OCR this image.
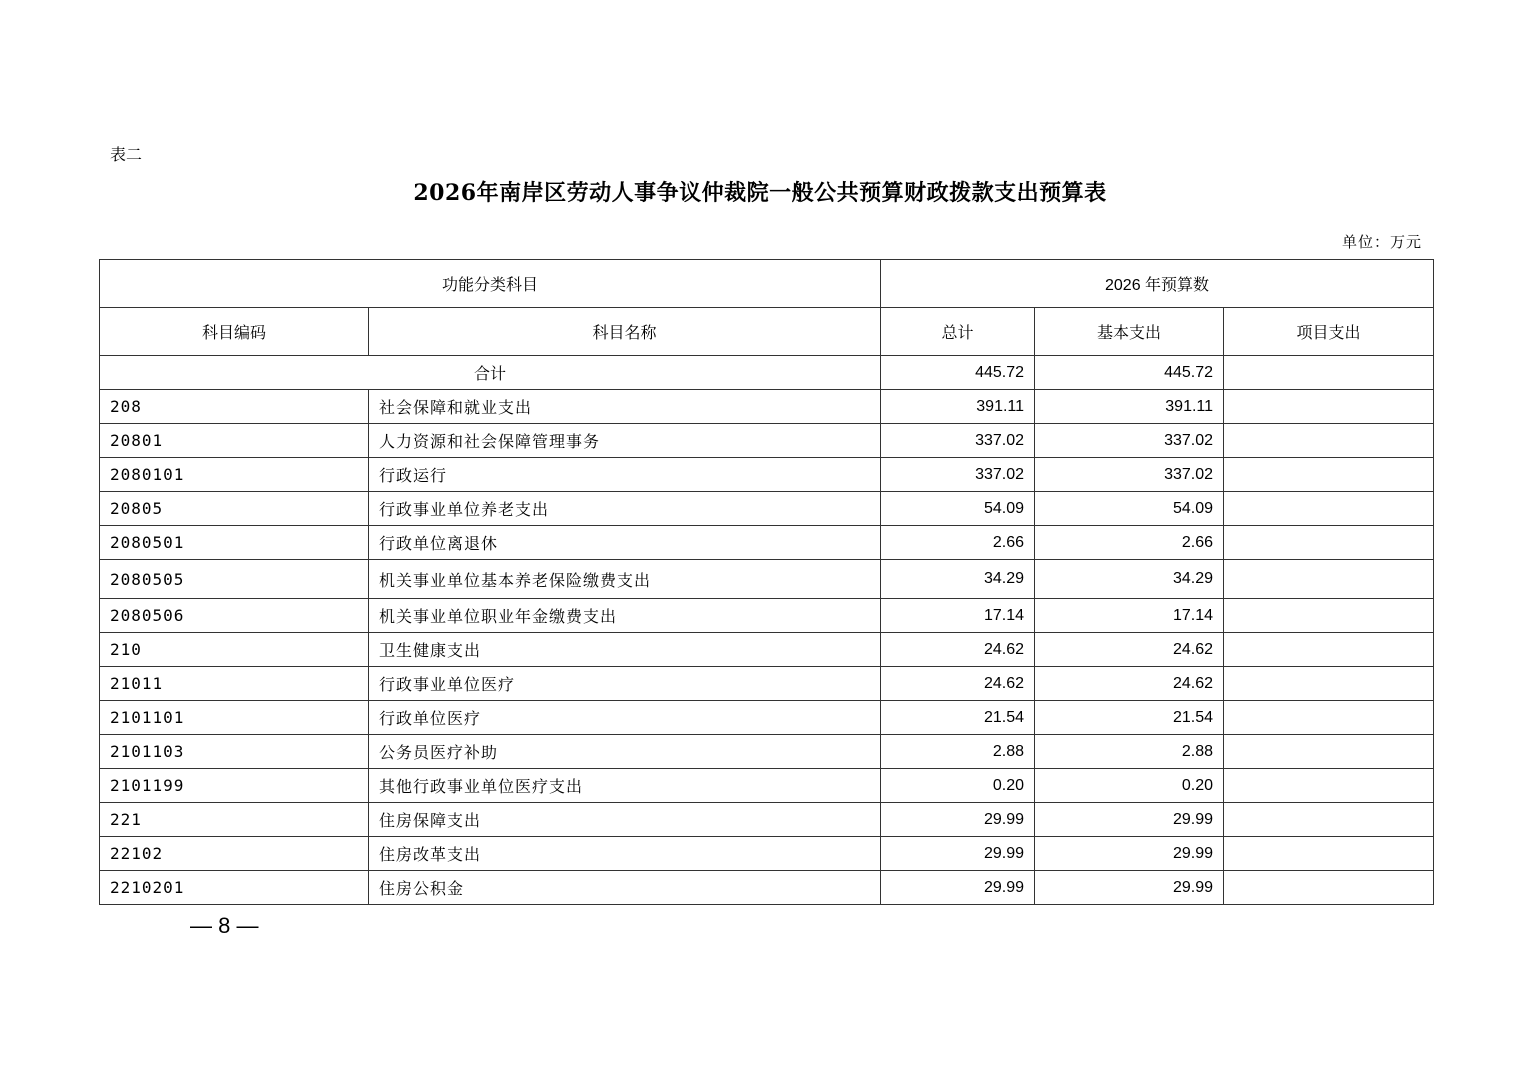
表二
2026年南岸区劳动人事争议仲裁院一般公共预算财政拨款支出预算表
单位：万元
功能分类科目		2026 年预算数		
科目编码	科目名称	总计	基本支出	项目支出
合计		445.72	445.72	
208	社会保障和就业支出	391.11	391.11	
20801	人力资源和社会保障管理事务	337.02	337.02	
2080101	行政运行	337.02	337.02	
20805	行政事业单位养老支出	54.09	54.09	
2080501	行政单位离退休	2.66	2.66	
2080505	机关事业单位基本养老保险缴费支出	34.29	34.29	
2080506	机关事业单位职业年金缴费支出	17.14	17.14	
210	卫生健康支出	24.62	24.62	
21011	行政事业单位医疗	24.62	24.62	
2101101	行政单位医疗	21.54	21.54	
2101103	公务员医疗补助	2.88	2.88	
2101199	其他行政事业单位医疗支出	0.20	0.20	
221	住房保障支出	29.99	29.99	
22102	住房改革支出	29.99	29.99	
2210201	住房公积金	29.99	29.99	
— 8 —
